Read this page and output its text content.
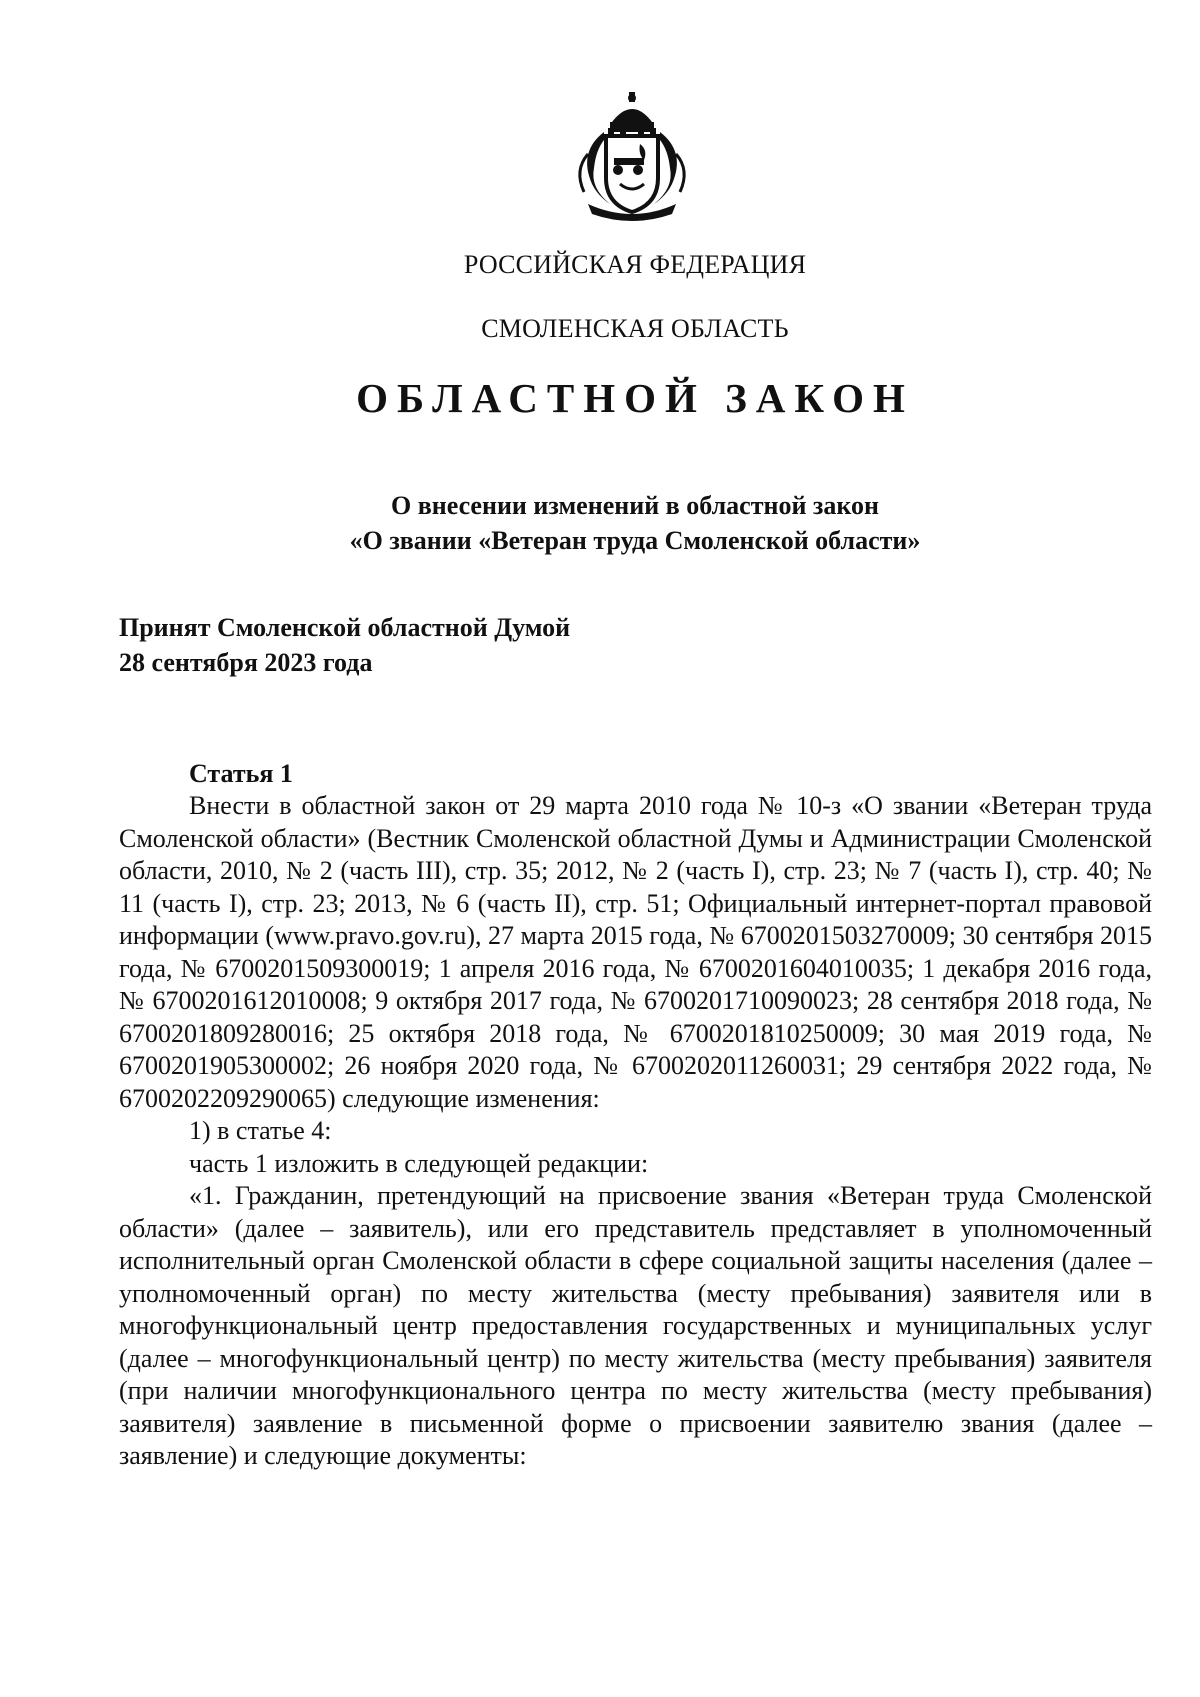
РОССИЙСКАЯ ФЕДЕРАЦИЯ
СМОЛЕНСКАЯ ОБЛАСТЬ
ОБЛАСТНОЙ ЗАКОН
О внесении изменений в областной закон
«О звании «Ветеран труда Смоленской области»
Принят Смоленской областной Думой
28 сентября 2023 года
Статья 1

Внести в областной закон от 29 марта 2010 года № 10-з «О звании «Ветеран труда Смоленской области» (Вестник Смоленской областной Думы и Администрации Смоленской области, 2010, № 2 (часть III), стр. 35; 2012, № 2 (часть I), стр. 23; № 7 (часть I), стр. 40; № 11 (часть I), стр. 23; 2013, № 6 (часть II), стр. 51; Официальный интернет-портал правовой информации (www.pravo.gov.ru), 27 марта 2015 года, № 6700201503270009; 30 сентября 2015 года, № 6700201509300019; 1 апреля 2016 года, № 6700201604010035; 1 декабря 2016 года, № 6700201612010008; 9 октября 2017 года, № 6700201710090023; 28 сентября 2018 года, № 6700201809280016; 25 октября 2018 года, № 6700201810250009; 30 мая 2019 года, № 6700201905300002; 26 ноября 2020 года, № 6700202011260031; 29 сентября 2022 года, № 6700202209290065) следующие изменения:

1) в статье 4:

часть 1 изложить в следующей редакции:

«1. Гражданин, претендующий на присвоение звания «Ветеран труда Смоленской области» (далее – заявитель), или его представитель представляет в уполномоченный исполнительный орган Смоленской области в сфере социальной защиты населения (далее – уполномоченный орган) по месту жительства (месту пребывания) заявителя или в многофункциональный центр предоставления государственных и муниципальных услуг (далее – многофункциональный центр) по месту жительства (месту пребывания) заявителя (при наличии многофункционального центра по месту жительства (месту пребывания) заявителя) заявление в письменной форме о присвоении заявителю звания (далее – заявление) и следующие документы:
